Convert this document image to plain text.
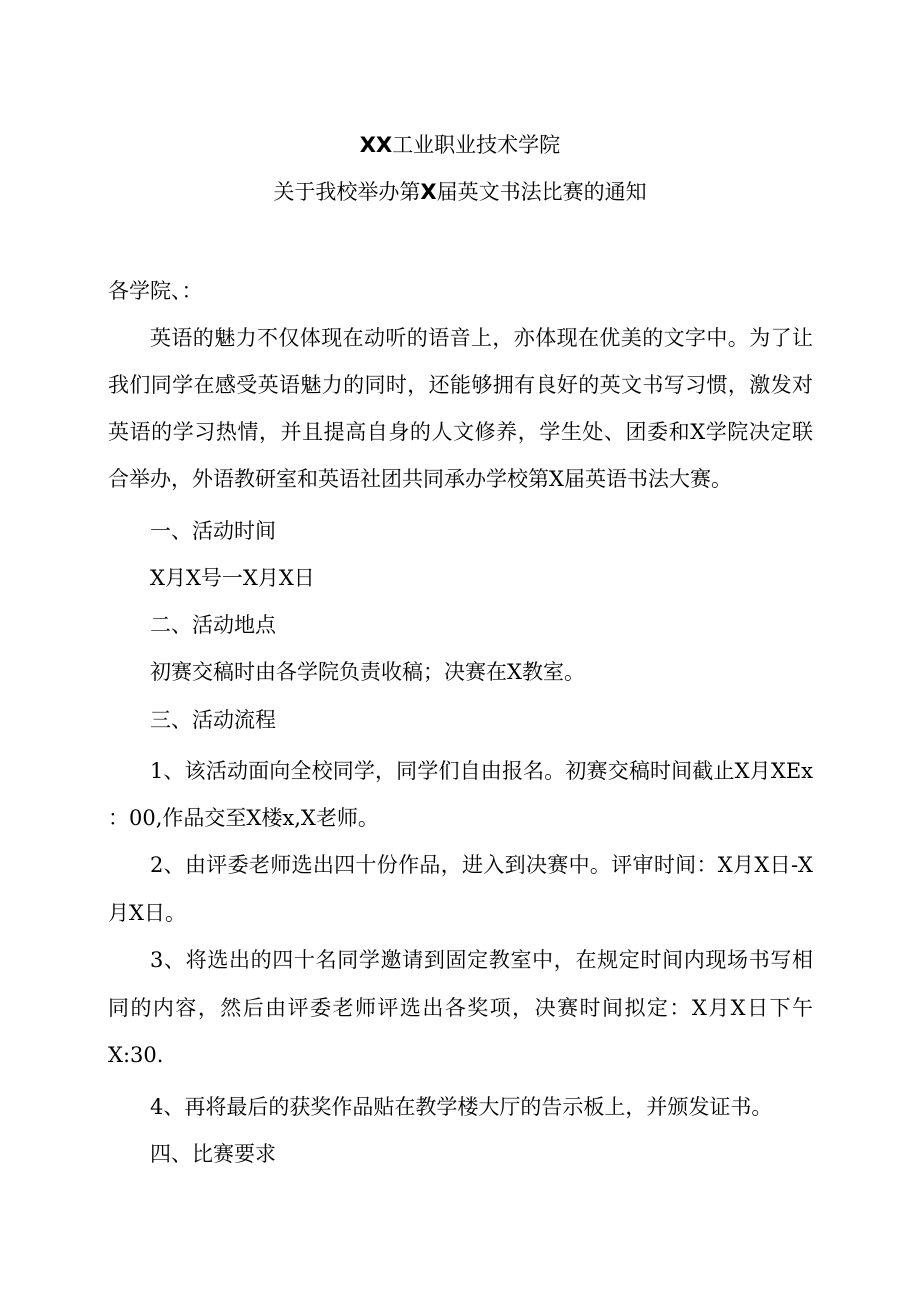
XX工业职业技术学院
关于我校举办第X届英文书法比赛的通知
各学院、：
英语的魅力不仅体现在动听的语音上，亦体现在优美的文字中。为了让
我们同学在感受英语魅力的同时，还能够拥有良好的英文书写习惯，激发对
英语的学习热情，并且提高自身的人文修养，学生处、团委和X学院决定联
合举办，外语教研室和英语社团共同承办学校第X届英语书法大赛。
一、活动时间
X月X号一X月X日
二、活动地点
初赛交稿时由各学院负责收稿；决赛在X教室。
三、活动流程
1、该活动面向全校同学，同学们自由报名。初赛交稿时间截止X月XEx
：00,作品交至X楼x,X老师。
2、由评委老师选出四十份作品，进入到决赛中。评审时间：X月X日-X
月X日。
3、将选出的四十名同学邀请到固定教室中，在规定时间内现场书写相
同的内容，然后由评委老师评选出各奖项，决赛时间拟定：X月X日下午
X:30.
4、再将最后的获奖作品贴在教学楼大厅的告示板上，并颁发证书。
四、比赛要求
